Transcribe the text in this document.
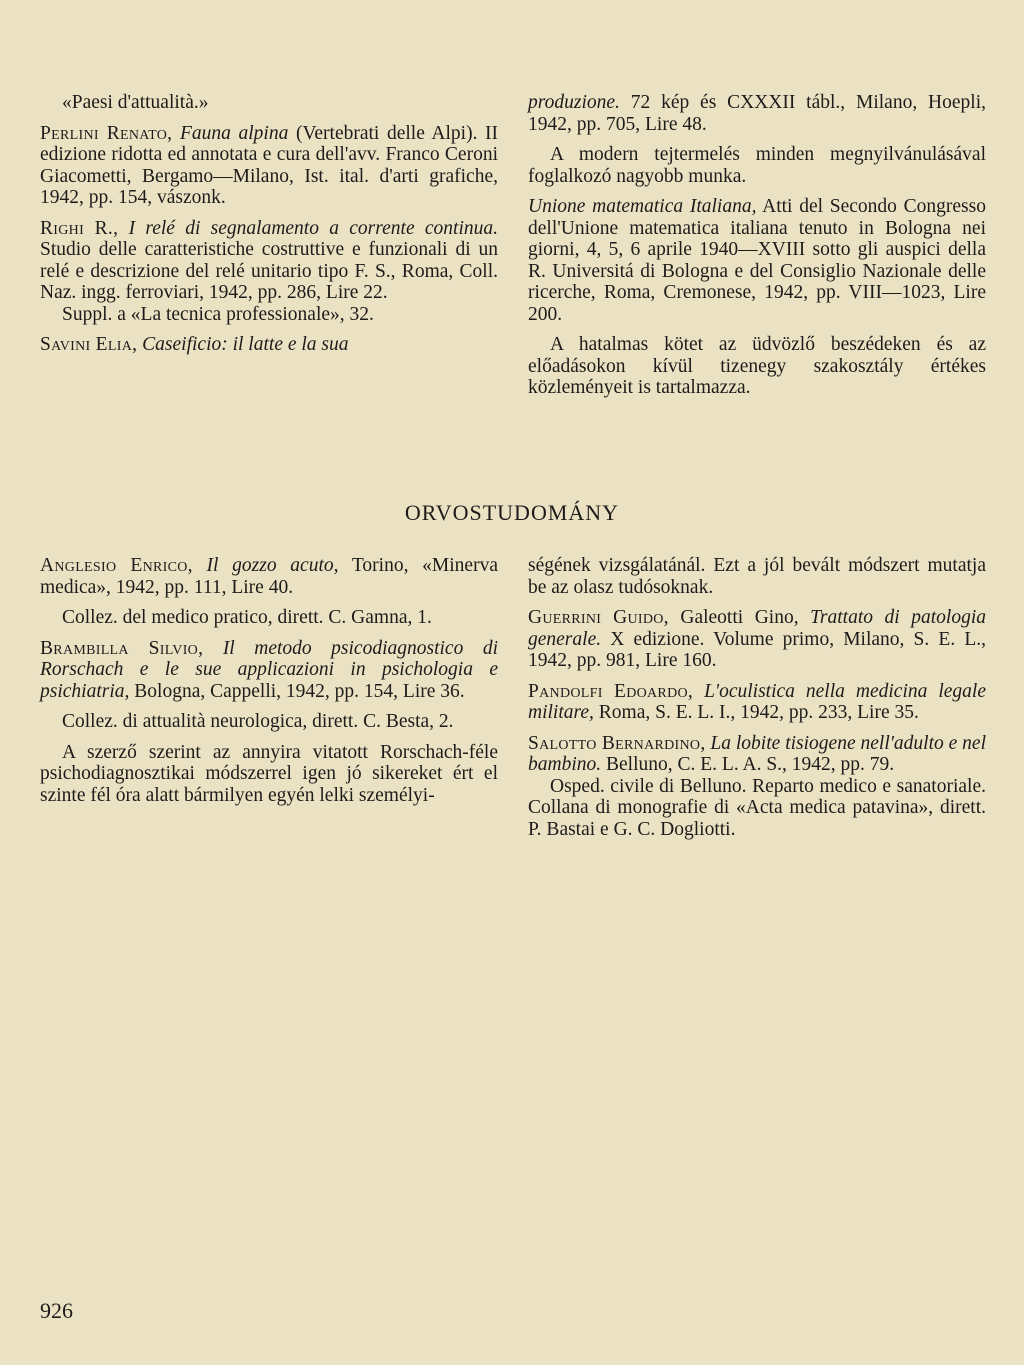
«Paesi d'attualità.»

Perlini Renato, Fauna alpina (Vertebrati delle Alpi). II edizione ridotta ed annotata e cura dell'avv. Franco Ceroni Giacometti, Bergamo—Milano, Ist. ital. d'arti grafiche, 1942, pp. 154, vászonk.

Righi R., I relé di segnalamento a corrente continua. Studio delle caratteristiche costruttive e funzionali di un relé e descrizione del relé unitario tipo F. S., Roma, Coll. Naz. ingg. ferroviari, 1942, pp. 286, Lire 22.

Suppl. a «La tecnica professionale», 32.

Savini Elia, Caseificio: il latte e la sua

produzione. 72 kép és CXXXII tábl., Milano, Hoepli, 1942, pp. 705, Lire 48.

A modern tejtermelés minden megnyilvánulásával foglalkozó nagyobb munka.

Unione matematica Italiana, Atti del Secondo Congresso dell'Unione matematica italiana tenuto in Bologna nei giorni, 4, 5, 6 aprile 1940—XVIII sotto gli auspici della R. Universitá di Bologna e del Consiglio Nazionale delle ricerche, Roma, Cremonese, 1942, pp. VIII—1023, Lire 200.

A hatalmas kötet az üdvözlő beszédeken és az előadásokon kívül tizenegy szakosztály értékes közleményeit is tartalmazza.

ORVOSTUDOMÁNY

Anglesio Enrico, Il gozzo acuto, Torino, «Minerva medica», 1942, pp. 111, Lire 40.

Collez. del medico pratico, dirett. C. Gamna, 1.

Brambilla Silvio, Il metodo psicodiagnostico di Rorschach e le sue applicazioni in psichologia e psichiatria, Bologna, Cappelli, 1942, pp. 154, Lire 36.

Collez. di attualità neurologica, dirett. C. Besta, 2.

A szerző szerint az annyira vitatott Rorschach-féle psichodiagnosztikai módszerrel igen jó sikereket ért el szinte fél óra alatt bármilyen egyén lelki személyi-

ségének vizsgálatánál. Ezt a jól bevált módszert mutatja be az olasz tudósoknak.

Guerrini Guido, Galeotti Gino, Trattato di patologia generale. X edizione. Volume primo, Milano, S. E. L., 1942, pp. 981, Lire 160.

Pandolfi Edoardo, L'oculistica nella medicina legale militare, Roma, S. E. L. I., 1942, pp. 233, Lire 35.

Salotto Bernardino, La lobite tisiogene nell'adulto e nel bambino. Belluno, C. E. L. A. S., 1942, pp. 79.

Osped. civile di Belluno. Reparto medico e sanatoriale. Collana di monografie di «Acta medica patavina», dirett. P. Bastai e G. C. Dogliotti.

926
